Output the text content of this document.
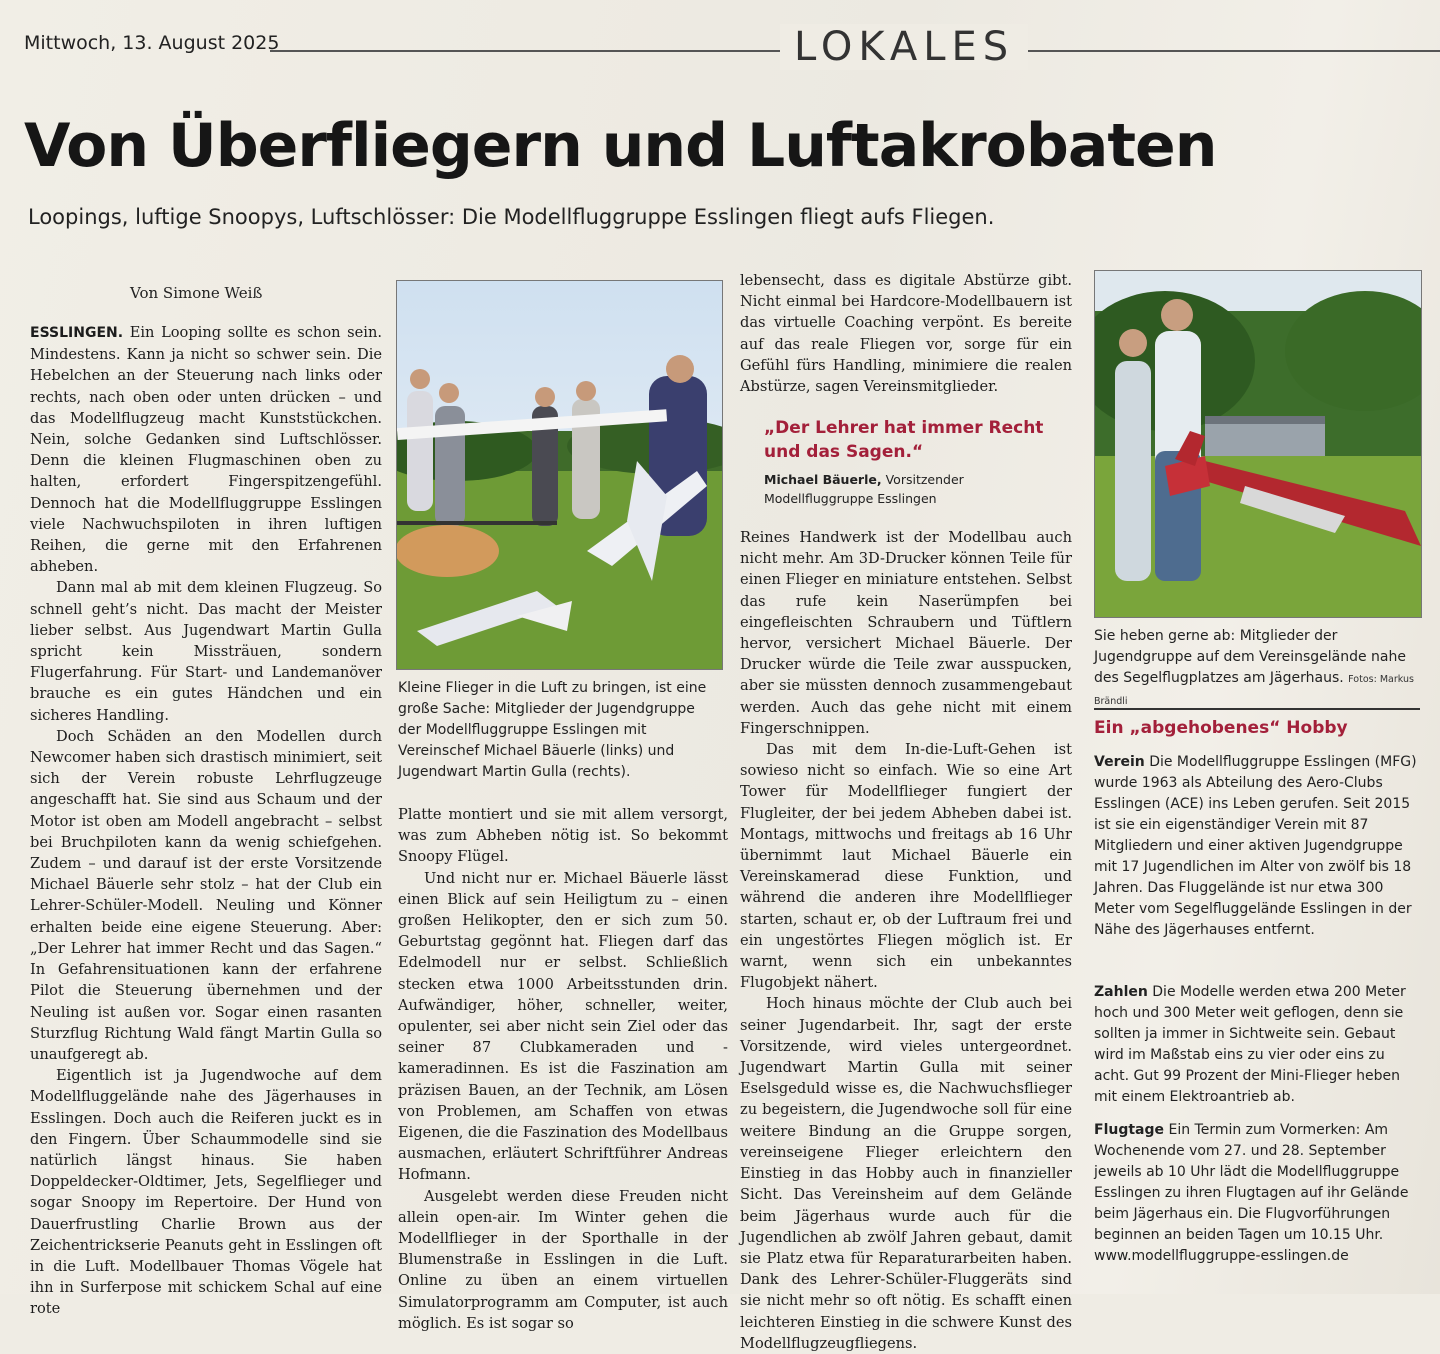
Mittwoch, 13. August 2025	LOKALES
Von Überfliegern und Luftakrobaten
Loopings, luftige Snoopys, Luftschlösser: Die Modellfluggruppe Esslingen fliegt aufs Fliegen.
Von Simone Weiß

ESSLINGEN. Ein Looping sollte es schon sein. Mindestens. Kann ja nicht so schwer sein. Die Hebelchen an der Steuerung nach links oder rechts, nach oben oder unten drücken – und das Modellflugzeug macht Kunststückchen. Nein, solche Gedanken sind Luftschlösser. Denn die kleinen Flugmaschinen oben zu halten, erfordert Fingerspitzengefühl. Dennoch hat die Modellfluggruppe Esslingen viele Nachwuchspiloten in ihren luftigen Reihen, die gerne mit den Erfahrenen abheben.

Dann mal ab mit dem kleinen Flugzeug. So schnell geht’s nicht. Das macht der Meister lieber selbst. Aus Jugendwart Martin Gulla spricht kein Missträuen, sondern Flugerfahrung. Für Start- und Landemanöver brauche es ein gutes Händchen und ein sicheres Handling.

Doch Schäden an den Modellen durch Newcomer haben sich drastisch minimiert, seit sich der Verein robuste Lehrflugzeuge angeschafft hat. Sie sind aus Schaum und der Motor ist oben am Modell angebracht – selbst bei Bruchpiloten kann da wenig schiefgehen. Zudem – und darauf ist der erste Vorsitzende Michael Bäuerle sehr stolz – hat der Club ein Lehrer-Schüler-Modell. Neuling und Könner erhalten beide eine eigene Steuerung. Aber: „Der Lehrer hat immer Recht und das Sagen.“ In Gefahrensituationen kann der erfahrene Pilot die Steuerung übernehmen und der Neuling ist außen vor. Sogar einen rasanten Sturzflug Richtung Wald fängt Martin Gulla so unaufgeregt ab.

Eigentlich ist ja Jugendwoche auf dem Modellfluggelände nahe des Jägerhauses in Esslingen. Doch auch die Reiferen juckt es in den Fingern. Über Schaummodelle sind sie natürlich längst hinaus. Sie haben Doppeldecker-Oldtimer, Jets, Segelflieger und sogar Snoopy im Repertoire. Der Hund von Dauerfrustling Charlie Brown aus der Zeichentrickserie Peanuts geht in Esslingen oft in die Luft. Modellbauer Thomas Vögele hat ihn in Surferpose mit schickem Schal auf eine rote

Kleine Flieger in die Luft zu bringen, ist eine große Sache: Mitglieder der Jugendgruppe der Modellfluggruppe Esslingen mit Vereinschef Michael Bäuerle (links) und Jugendwart Martin Gulla (rechts).

Platte montiert und sie mit allem versorgt, was zum Abheben nötig ist. So bekommt Snoopy Flügel.

Und nicht nur er. Michael Bäuerle lässt einen Blick auf sein Heiligtum zu – einen großen Helikopter, den er sich zum 50. Geburtstag gegönnt hat. Fliegen darf das Edelmodell nur er selbst. Schließlich stecken etwa 1000 Arbeitsstunden drin. Aufwändiger, höher, schneller, weiter, opulenter, sei aber nicht sein Ziel oder das seiner 87 Clubkameraden und -kameradinnen. Es ist die Faszination am präzisen Bauen, an der Technik, am Lösen von Problemen, am Schaffen von etwas Eigenen, die die Faszination des Modellbaus ausmachen, erläutert Schriftführer Andreas Hofmann.

Ausgelebt werden diese Freuden nicht allein open-air. Im Winter gehen die Modellflieger in der Sporthalle in der Blumenstraße in Esslingen in die Luft. Online zu üben an einem virtuellen Simulatorprogramm am Computer, ist auch möglich. Es ist sogar so

lebensecht, dass es digitale Abstürze gibt. Nicht einmal bei Hardcore-Modellbauern ist das virtuelle Coaching verpönt. Es bereite auf das reale Fliegen vor, sorge für ein Gefühl fürs Handling, minimiere die realen Abstürze, sagen Vereinsmitglieder.

„Der Lehrer hat immer Recht und das Sagen.“
Michael Bäuerle, Vorsitzender Modellfluggruppe Esslingen

Reines Handwerk ist der Modellbau auch nicht mehr. Am 3D-Drucker können Teile für einen Flieger en miniature entstehen. Selbst das rufe kein Naserümpfen bei eingefleischten Schraubern und Tüftlern hervor, versichert Michael Bäuerle. Der Drucker würde die Teile zwar ausspucken, aber sie müssten dennoch zusammengebaut werden. Auch das gehe nicht mit einem Fingerschnippen.

Das mit dem In-die-Luft-Gehen ist sowieso nicht so einfach. Wie so eine Art Tower für Modellflieger fungiert der Flugleiter, der bei jedem Abheben dabei ist. Montags, mittwochs und freitags ab 16 Uhr übernimmt laut Michael Bäuerle ein Vereinskamerad diese Funktion, und während die anderen ihre Modellflieger starten, schaut er, ob der Luftraum frei und ein ungestörtes Fliegen möglich ist. Er warnt, wenn sich ein unbekanntes Flugobjekt nähert.

Hoch hinaus möchte der Club auch bei seiner Jugendarbeit. Ihr, sagt der erste Vorsitzende, wird vieles untergeordnet. Jugendwart Martin Gulla mit seiner Eselsgeduld wisse es, die Nachwuchsflieger zu begeistern, die Jugendwoche soll für eine weitere Bindung an die Gruppe sorgen, vereinseigene Flieger erleichtern den Einstieg in das Hobby auch in finanzieller Sicht. Das Vereinsheim auf dem Gelände beim Jägerhaus wurde auch für die Jugendlichen ab zwölf Jahren gebaut, damit sie Platz etwa für Reparaturarbeiten haben. Dank des Lehrer-Schüler-Fluggeräts sind sie nicht mehr so oft nötig. Es schafft einen leichteren Einstieg in die schwere Kunst des Modellflugzeugfliegens.

Sie heben gerne ab: Mitglieder der Jugendgruppe auf dem Vereinsgelände nahe des Segelflugplatzes am Jägerhaus. Fotos: Markus Brändli
Ein „abgehobenes“ Hobby
Verein Die Modellfluggruppe Esslingen (MFG) wurde 1963 als Abteilung des Aero-Clubs Esslingen (ACE) ins Leben gerufen. Seit 2015 ist sie ein eigenständiger Verein mit 87 Mitgliedern und einer aktiven Jugendgruppe mit 17 Jugendlichen im Alter von zwölf bis 18 Jahren. Das Fluggelände ist nur etwa 300 Meter vom Segelfluggelände Esslingen in der Nähe des Jägerhauses entfernt.
Zahlen Die Modelle werden etwa 200 Meter hoch und 300 Meter weit geflogen, denn sie sollten ja immer in Sichtweite sein. Gebaut wird im Maßstab eins zu vier oder eins zu acht. Gut 99 Prozent der Mini-Flieger heben mit einem Elektroantrieb ab.
Flugtage Ein Termin zum Vormerken: Am Wochenende vom 27. und 28. September jeweils ab 10 Uhr lädt die Modellfluggruppe Esslingen zu ihren Flugtagen auf ihr Gelände beim Jägerhaus ein. Die Flugvorführungen beginnen an beiden Tagen um 10.15 Uhr. www.modellfluggruppe-esslingen.de
